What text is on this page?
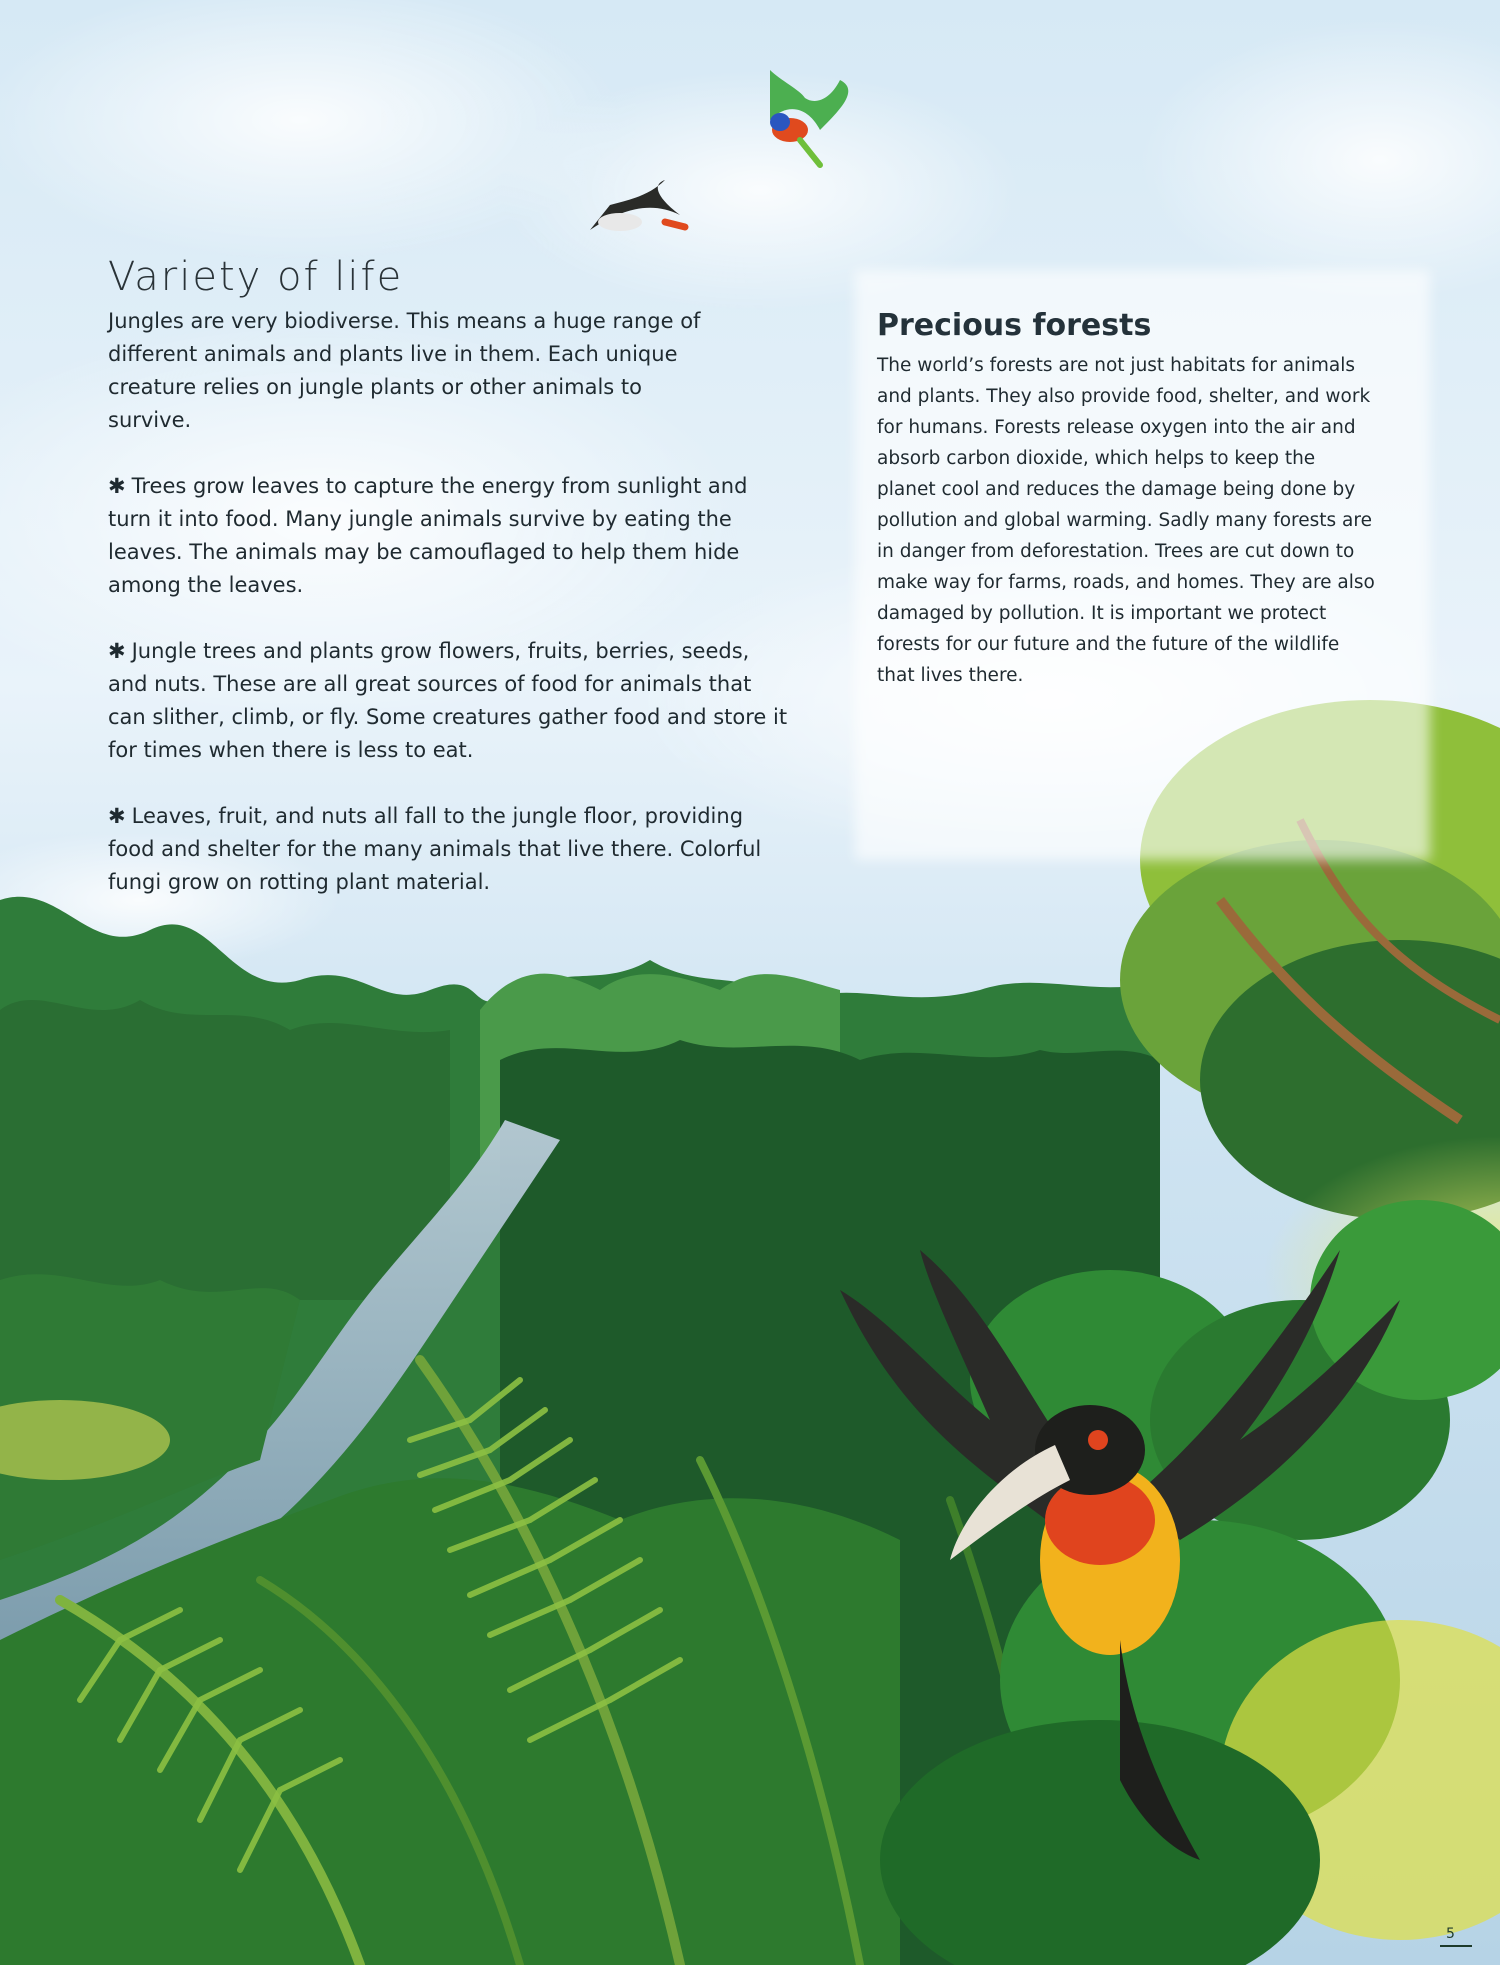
Variety of life

Jungles are very biodiverse. This means a huge range of different animals and plants live in them. Each unique creature relies on jungle plants or other animals to survive.

✱ Trees grow leaves to capture the energy from sunlight and turn it into food. Many jungle animals survive by eating the leaves. The animals may be camouflaged to help them hide among the leaves.

✱ Jungle trees and plants grow flowers, fruits, berries, seeds, and nuts. These are all great sources of food for animals that can slither, climb, or fly. Some creatures gather food and store it for times when there is less to eat.

✱ Leaves, fruit, and nuts all fall to the jungle floor, providing food and shelter for the many animals that live there. Colorful fungi grow on rotting plant material.

Precious forests

The world’s forests are not just habitats for animals and plants. They also provide food, shelter, and work for humans. Forests release oxygen into the air and absorb carbon dioxide, which helps to keep the planet cool and reduces the damage being done by pollution and global warming. Sadly many forests are in danger from deforestation. Trees are cut down to make way for farms, roads, and homes. They are also damaged by pollution. It is important we protect forests for our future and the future of the wildlife that lives there.

5
